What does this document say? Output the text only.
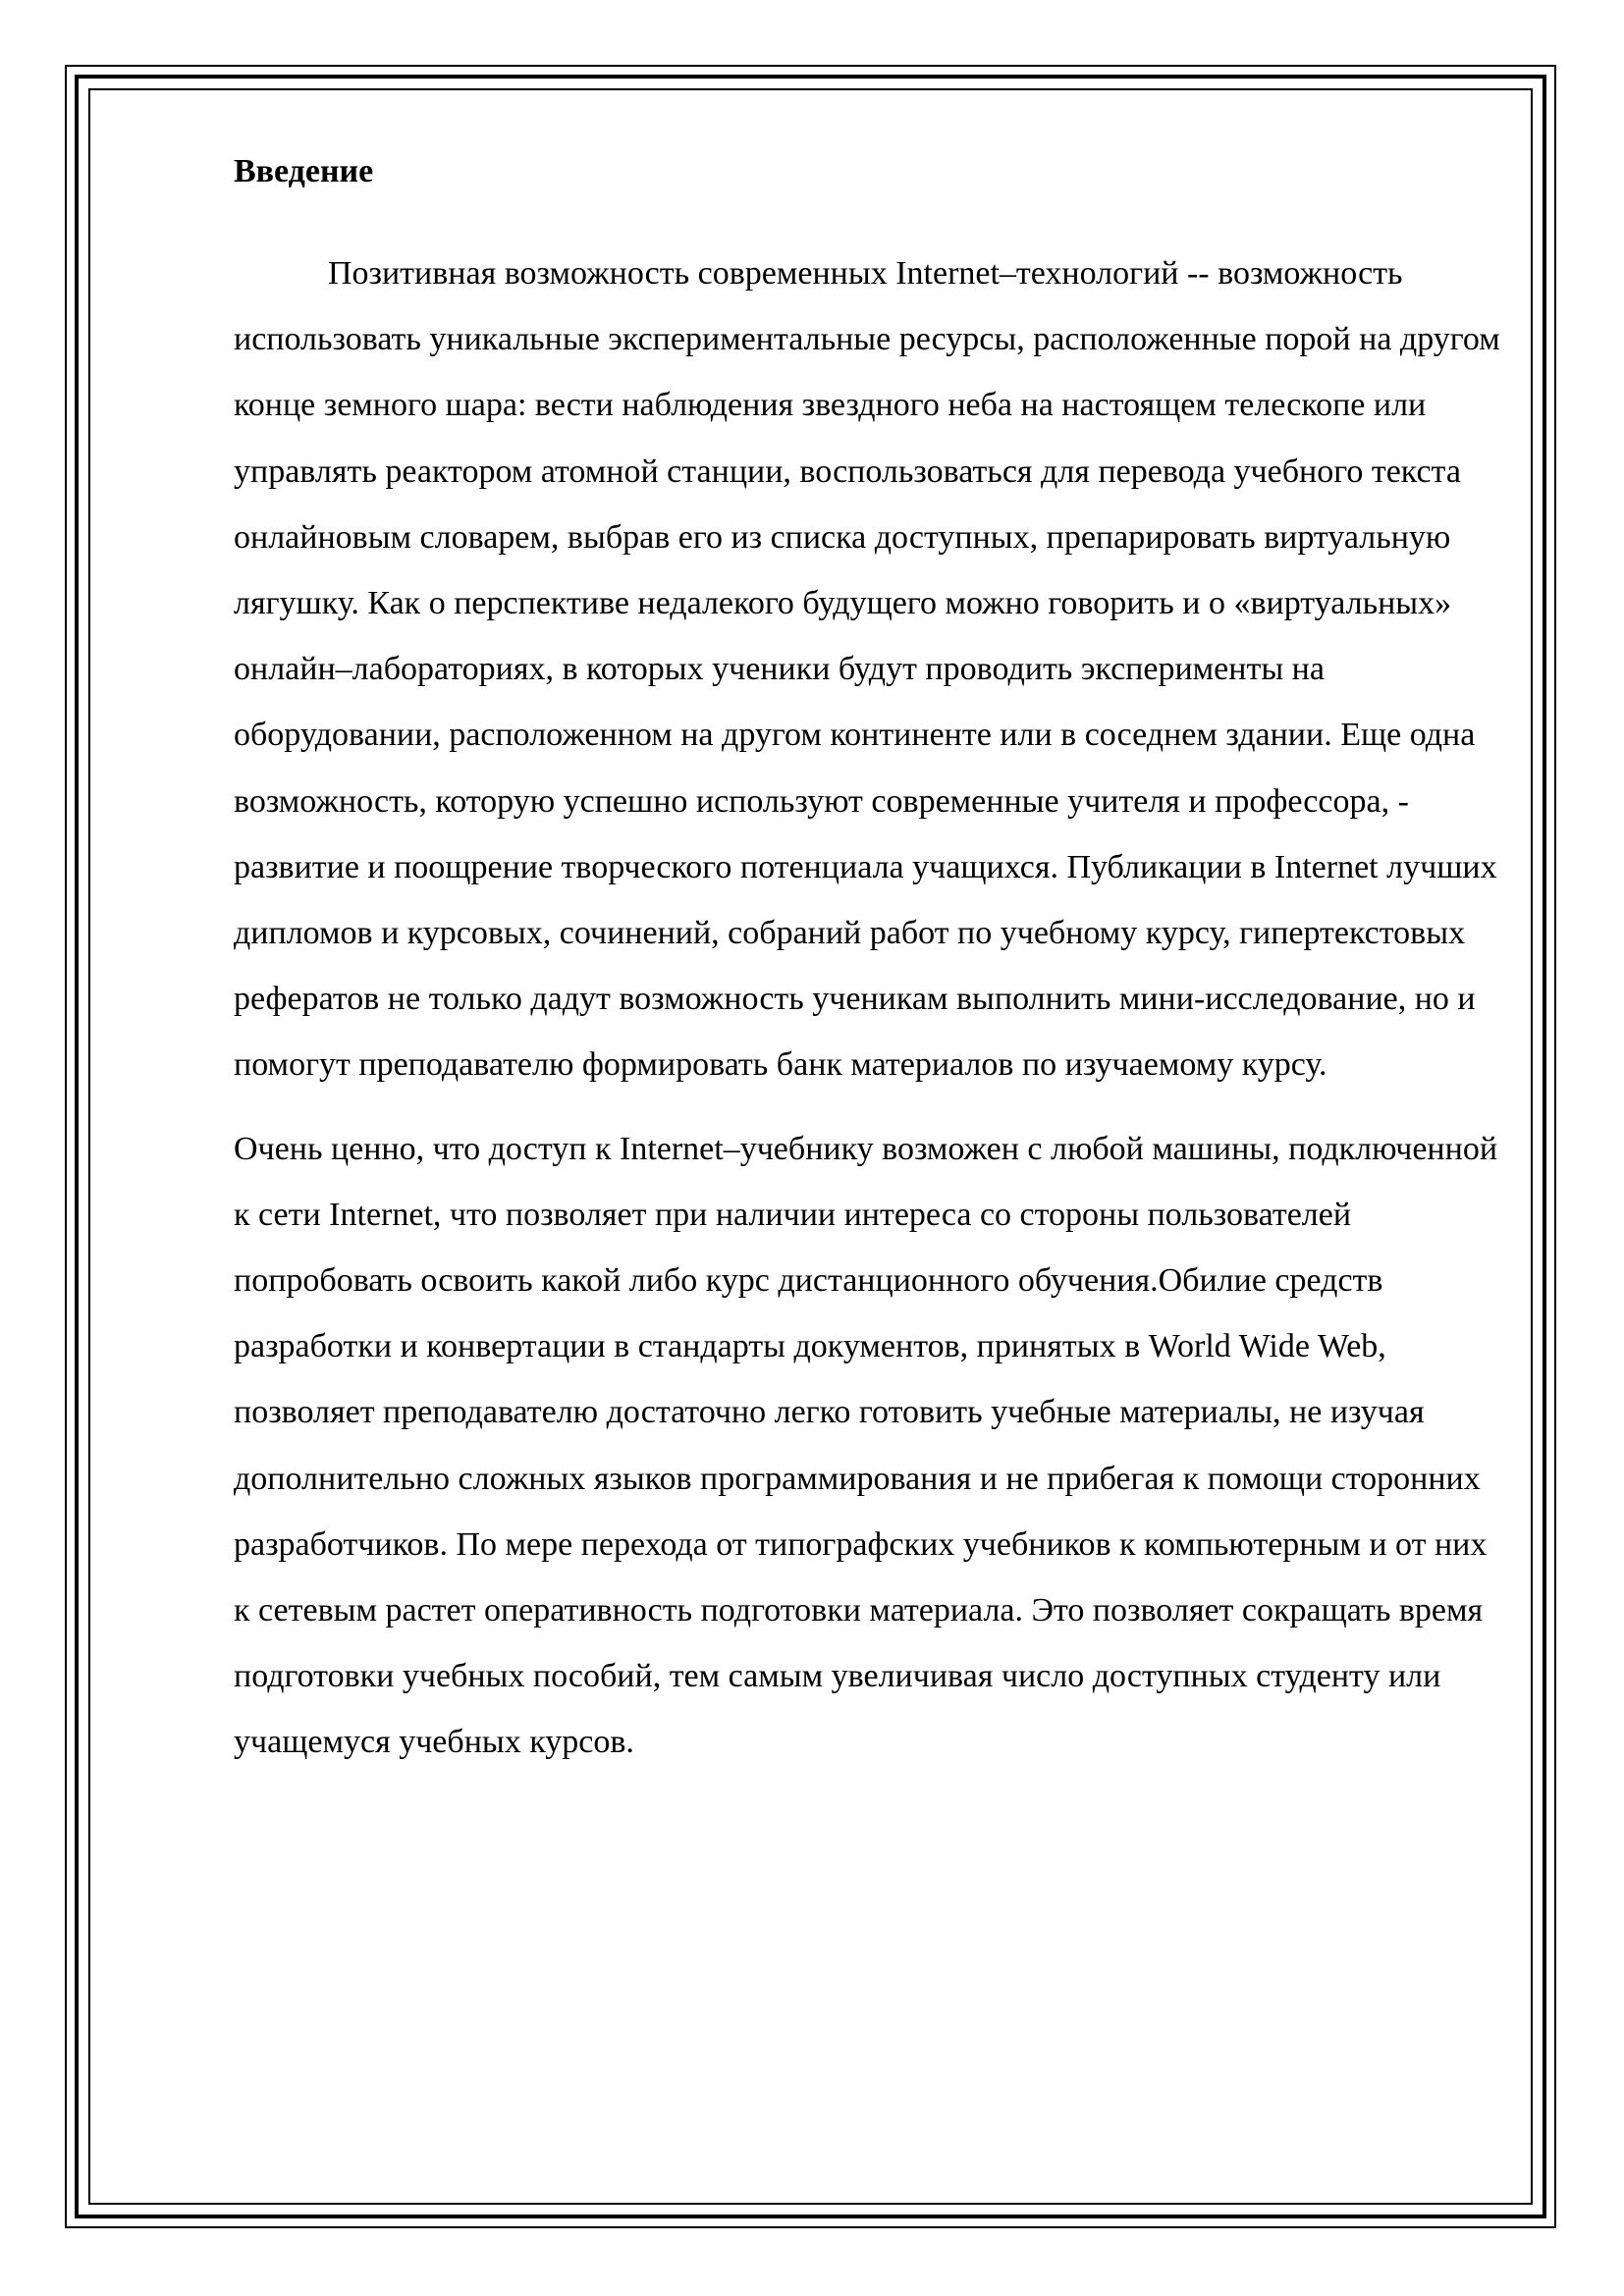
Введение

Позитивная возможность современных Internet–технологий -- возможность использовать уникальные экспериментальные ресурсы, расположенные порой на другом конце земного шара: вести наблюдения звездного неба на настоящем телескопе или управлять реактором атомной станции, воспользоваться для перевода учебного текста онлайновым словарем, выбрав его из списка доступных, препарировать виртуальную лягушку. Как о перспективе недалекого будущего можно говорить и о «виртуальных» онлайн–лабораториях, в которых ученики будут проводить эксперименты на оборудовании, расположенном на другом континенте или в соседнем здании. Еще одна возможность, которую успешно используют современные учителя и профессора, - развитие и поощрение творческого потенциала учащихся. Публикации в Internet лучших дипломов и курсовых, сочинений, собраний работ по учебному курсу, гипертекстовых рефератов не только дадут возможность ученикам выполнить мини-исследование, но и помогут преподавателю формировать банк материалов по изучаемому курсу.

Очень ценно, что доступ к Internet–учебнику возможен с любой машины, подключенной к сети Internet, что позволяет при наличии интереса со стороны пользователей попробовать освоить какой либо курс дистанционного обучения.Обилие средств разработки и конвертации в стандарты документов, принятых в World Wide Web, позволяет преподавателю достаточно легко готовить учебные материалы, не изучая дополнительно сложных языков программирования и не прибегая к помощи сторонних разработчиков. По мере перехода от типографских учебников к компьютерным и от них к сетевым растет оперативность подготовки материала. Это позволяет сокращать время подготовки учебных пособий, тем самым увеличивая число доступных студенту или учащемуся учебных курсов.
